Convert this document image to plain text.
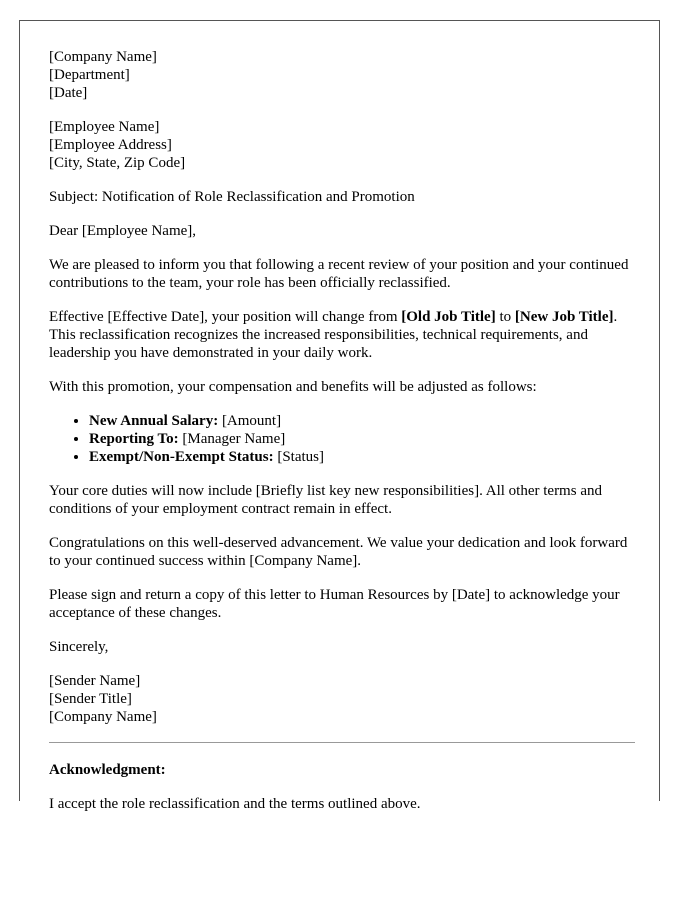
[Company Name]
[Department]
[Date]
[Employee Name]
[Employee Address]
[City, State, Zip Code]

Subject: Notification of Role Reclassification and Promotion

Dear [Employee Name],

We are pleased to inform you that following a recent review of your position and your continued contributions to the team, your role has been officially reclassified.

Effective [Effective Date], your position will change from [Old Job Title] to [New Job Title]. This reclassification recognizes the increased responsibilities, technical requirements, and leadership you have demonstrated in your daily work.

With this promotion, your compensation and benefits will be adjusted as follows:

• New Annual Salary: [Amount]
• Reporting To: [Manager Name]
• Exempt/Non-Exempt Status: [Status]

Your core duties will now include [Briefly list key new responsibilities]. All other terms and conditions of your employment contract remain in effect.

Congratulations on this well-deserved advancement. We value your dedication and look forward to your continued success within [Company Name].

Please sign and return a copy of this letter to Human Resources by [Date] to acknowledge your acceptance of these changes.

Sincerely,

[Sender Name]
[Sender Title]
[Company Name]

Acknowledgment:

I accept the role reclassification and the terms outlined above.
